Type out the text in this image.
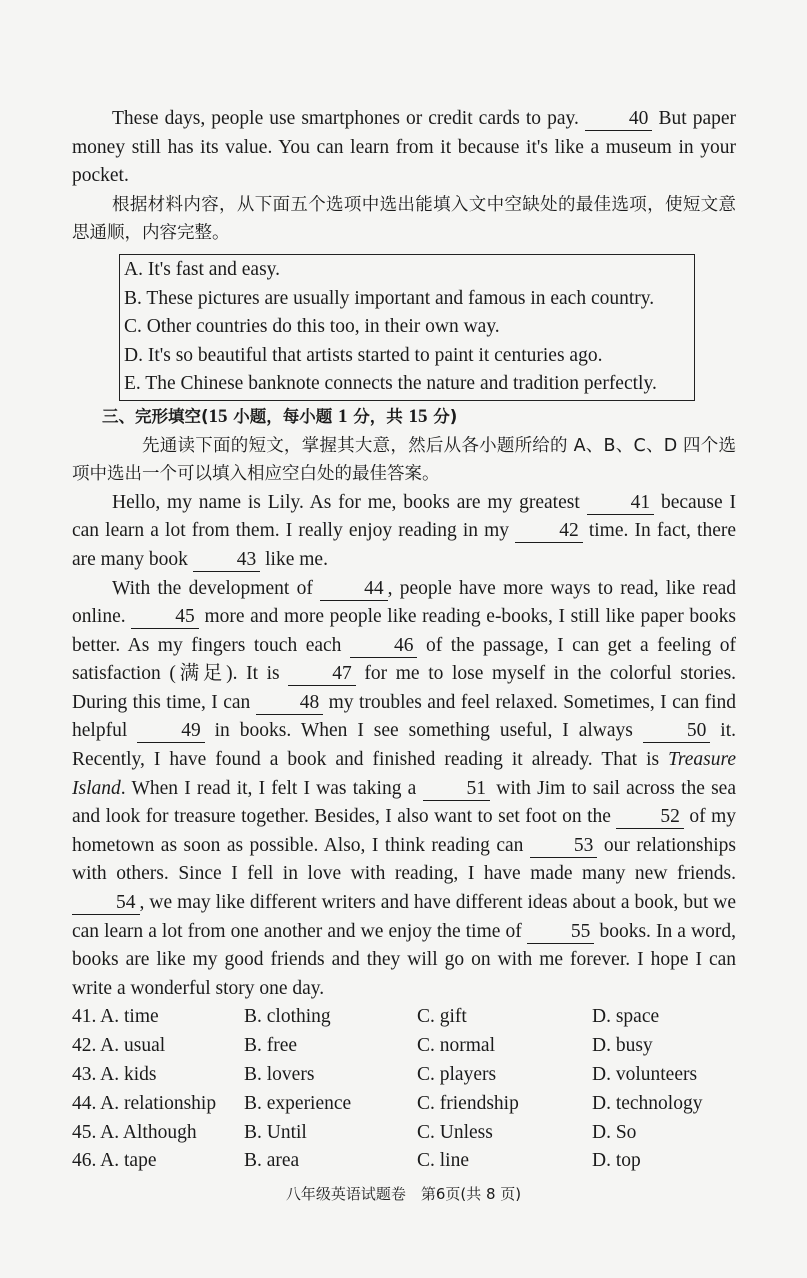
These days, people use smartphones or credit cards to pay.	40 But paper money still has its value. You can learn from it because it's like a museum in your pocket.

根据材料内容，从下面五个选项中选出能填入文中空缺处的最佳选项，使短文意思通顺，内容完整。

A. It's fast and easy.
B. These pictures are usually important and famous in each country.
C. Other countries do this too, in their own way.
D. It's so beautiful that artists started to paint it centuries ago.
E. The Chinese banknote connects the nature and tradition perfectly.
三、完形填空(15 小题，每小题 1 分，共 15 分)

先通读下面的短文，掌握其大意，然后从各小题所给的 A、B、C、D 四个选项中选出一个可以填入相应空白处的最佳答案。

Hello, my name is Lily. As for me, books are my greatest	41 because I can learn a lot from them. I really enjoy reading in my	42 time. In fact, there are many book	43 like me.

With the development of	44 , people have more ways to read, like read online.	45 more and more people like reading e-books, I still like paper books better. As my fingers touch each	46 of the passage, I can get a feeling of satisfaction (满足). It is	47 for me to lose myself in the colorful stories. During this time, I can	48 my troubles and feel relaxed. Sometimes, I can find helpful	49 in books. When I see something useful, I always	50 it. Recently, I have found a book and finished reading it already. That is Treasure Island. When I read it, I felt I was taking a	51 with Jim to sail across the sea and look for treasure together. Besides, I also want to set foot on the	52 of my hometown as soon as possible. Also, I think reading can	53 our relationships with others. Since I fell in love with reading, I have made many new friends. 54 , we may like different writers and have different ideas about a book, but we can learn a lot from one another and we enjoy the time of	55 books. In a word, books are like my good friends and they will go on with me forever. I hope I can write a wonderful story one day.

41. A. time	B. clothing	C. gift	D. space
42. A. usual	B. free	C. normal	D. busy
43. A. kids	B. lovers	C. players	D. volunteers
44. A. relationship	B. experience	C. friendship	D. technology
45. A. Although	B. Until	C. Unless	D. So
46. A. tape	B. area	C. line	D. top
八年级英语试题卷　第6页(共 8 页)
